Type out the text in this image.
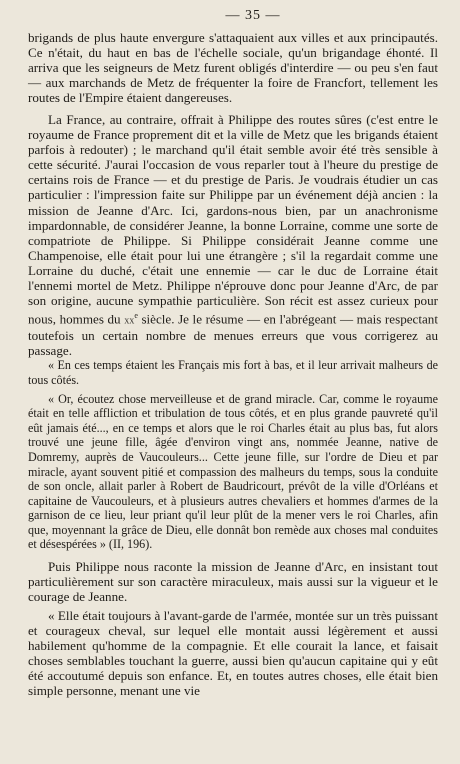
— 35 —

brigands de plus haute envergure s'attaquaient aux villes et aux principautés. Ce n'était, du haut en bas de l'échelle sociale, qu'un brigandage éhonté. Il arriva que les seigneurs de Metz furent obligés d'interdire — ou peu s'en faut — aux marchands de Metz de fréquenter la foire de Francfort, tellement les routes de l'Empire étaient dangereuses.

La France, au contraire, offrait à Philippe des routes sûres (c'est entre le royaume de France proprement dit et la ville de Metz que les brigands étaient parfois à redouter) ; le marchand qu'il était semble avoir été très sensible à cette sécurité. J'aurai l'occasion de vous reparler tout à l'heure du prestige de certains rois de France — et du prestige de Paris. Je voudrais étudier un cas particulier : l'impression faite sur Philippe par un événement déjà ancien : la mission de Jeanne d'Arc. Ici, gardons-nous bien, par un anachronisme impardonnable, de considérer Jeanne, la bonne Lorraine, comme une sorte de compatriote de Philippe. Si Philippe considérait Jeanne comme une Champenoise, elle était pour lui une étrangère ; s'il la regardait comme une Lorraine du duché, c'était une ennemie — car le duc de Lorraine était l'ennemi mortel de Metz. Philippe n'éprouve donc pour Jeanne d'Arc, de par son origine, aucune sympathie particulière. Son récit est assez curieux pour nous, hommes du $xx^e$ siècle. Je le résume — en l'abrégeant — mais respectant toutefois un certain nombre de menues erreurs que vous corrigerez au passage.

« En ces temps étaient les Français mis fort à bas, et il leur arrivait malheurs de tous côtés.

« Or, écoutez chose merveilleuse et de grand miracle. Car, comme le royaume était en telle affliction et tribulation de tous côtés, et en plus grande pauvreté qu'il eût jamais été..., en ce temps et alors que le roi Charles était au plus bas, fut alors trouvé une jeune fille, âgée d'environ vingt ans, nommée Jeanne, native de Domremy, auprès de Vaucouleurs... Cette jeune fille, sur l'ordre de Dieu et par miracle, ayant souvent pitié et compassion des malheurs du temps, sous la conduite de son oncle, allait parler à Robert de Baudricourt, prévôt de la ville d'Orléans et capitaine de Vaucouleurs, et à plusieurs autres chevaliers et hommes d'armes de la garnison de ce lieu, leur priant qu'il leur plût de la mener vers le roi Charles, afin que, moyennant la grâce de Dieu, elle donnât bon remède aux choses mal conduites et désespérées » (II, 196).

Puis Philippe nous raconte la mission de Jeanne d'Arc, en insistant tout particulièrement sur son caractère miraculeux, mais aussi sur la vigueur et le courage de Jeanne.

« Elle était toujours à l'avant-garde de l'armée, montée sur un très puissant et courageux cheval, sur lequel elle montait aussi légèrement et aussi habilement qu'homme de la compagnie. Et elle courait la lance, et faisait choses semblables touchant la guerre, aussi bien qu'aucun capitaine qui y eût été accoutumé depuis son enfance. Et, en toutes autres choses, elle était bien simple personne, menant une vie
